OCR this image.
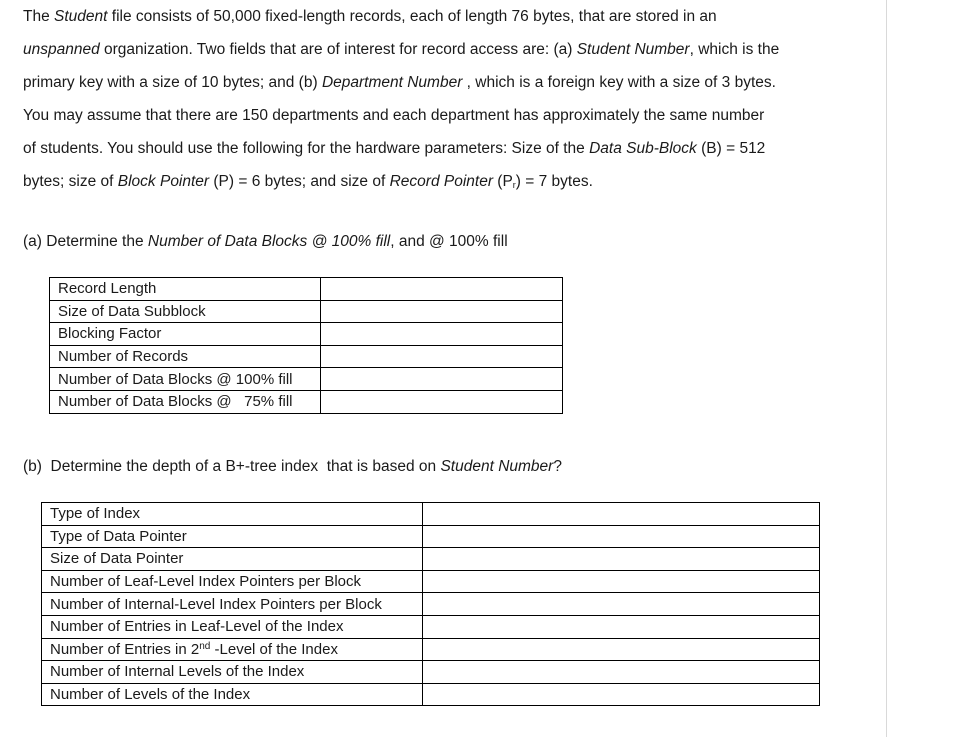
The Student file consists of 50,000 fixed-length records, each of length 76 bytes, that are stored in an
unspanned organization. Two fields that are of interest for record access are: (a) Student Number, which is the
primary key with a size of 10 bytes; and (b) Department Number , which is a foreign key with a size of 3 bytes.
You may assume that there are 150 departments and each department has approximately the same number
of students. You should use the following for the hardware parameters: Size of the Data Sub-Block (B) = 512
bytes; size of Block Pointer (P) = 6 bytes; and size of Record Pointer $(P_r) = 7$ bytes.

(a) Determine the Number of Data Blocks @ 100% fill, and @ 100% fill

Record Length	
Size of Data Subblock	
Blocking Factor	
Number of Records	
Number of Data Blocks @ 100% fill	
Number of Data Blocks @   75% fill	

(b)  Determine the depth of a B+-tree index  that is based on Student Number?

Type of Index	
Type of Data Pointer	
Size of Data Pointer	
Number of Leaf-Level Index Pointers per Block	
Number of Internal-Level Index Pointers per Block	
Number of Entries in Leaf-Level of the Index	
Number of Entries in 2nd -Level of the Index	
Number of Internal Levels of the Index	
Number of Levels of the Index	
